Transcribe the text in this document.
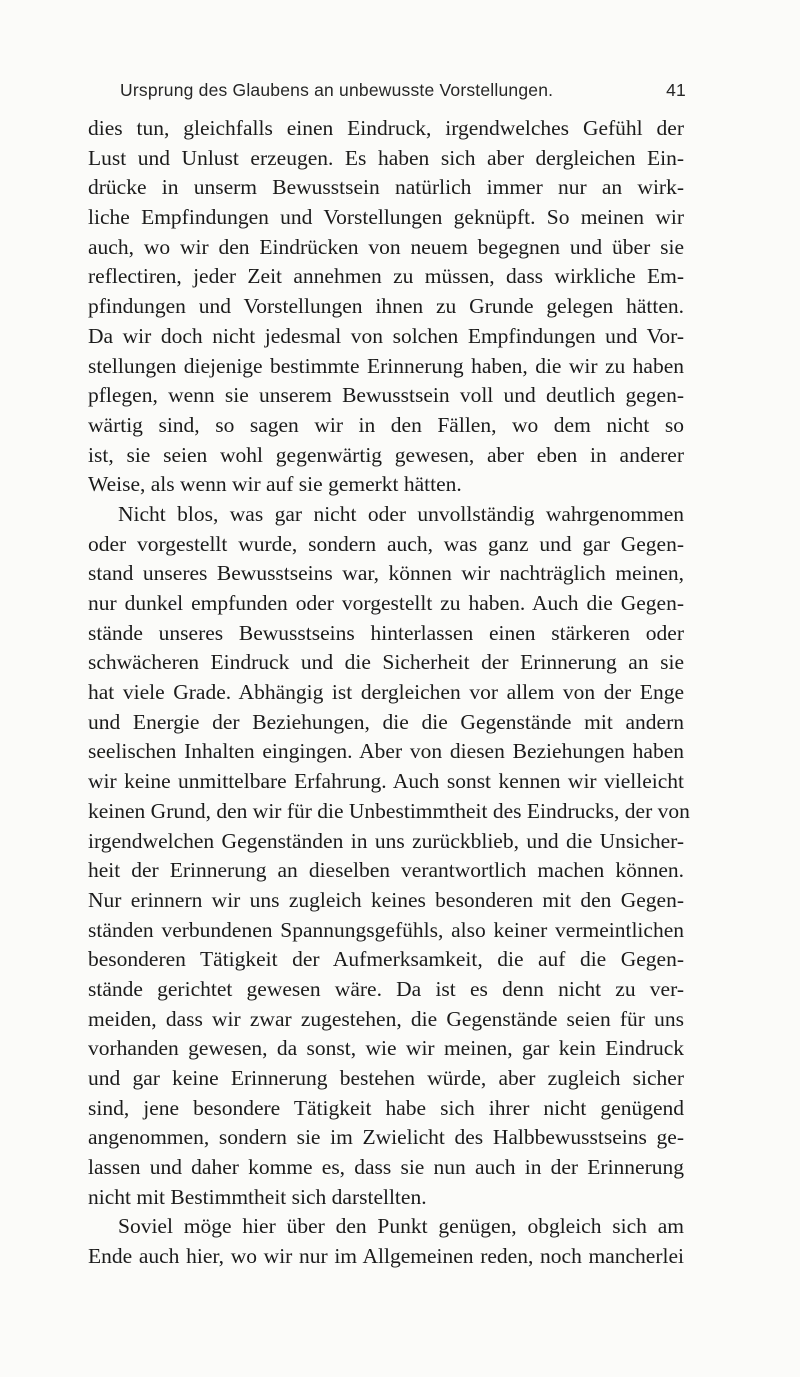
Ursprung des Glaubens an unbewusste Vorstellungen.	41
dies tun, gleichfalls einen Eindruck, irgendwelches Gefühl der
Lust und Unlust erzeugen. Es haben sich aber dergleichen Ein-
drücke in unserm Bewusstsein natürlich immer nur an wirk-
liche Empfindungen und Vorstellungen geknüpft. So meinen wir
auch, wo wir den Eindrücken von neuem begegnen und über sie
reflectiren, jeder Zeit annehmen zu müssen, dass wirkliche Em-
pfindungen und Vorstellungen ihnen zu Grunde gelegen hätten.
Da wir doch nicht jedesmal von solchen Empfindungen und Vor-
stellungen diejenige bestimmte Erinnerung haben, die wir zu haben
pflegen, wenn sie unserem Bewusstsein voll und deutlich gegen-
wärtig sind, so sagen wir in den Fällen, wo dem nicht so
ist, sie seien wohl gegenwärtig gewesen, aber eben in anderer
Weise, als wenn wir auf sie gemerkt hätten.
Nicht blos, was gar nicht oder unvollständig wahrgenommen
oder vorgestellt wurde, sondern auch, was ganz und gar Gegen-
stand unseres Bewusstseins war, können wir nachträglich meinen,
nur dunkel empfunden oder vorgestellt zu haben. Auch die Gegen-
stände unseres Bewusstseins hinterlassen einen stärkeren oder
schwächeren Eindruck und die Sicherheit der Erinnerung an sie
hat viele Grade. Abhängig ist dergleichen vor allem von der Enge
und Energie der Beziehungen, die die Gegenstände mit andern
seelischen Inhalten eingingen. Aber von diesen Beziehungen haben
wir keine unmittelbare Erfahrung. Auch sonst kennen wir vielleicht
keinen Grund, den wir für die Unbestimmtheit des Eindrucks, der von
irgendwelchen Gegenständen in uns zurückblieb, und die Unsicher-
heit der Erinnerung an dieselben verantwortlich machen können.
Nur erinnern wir uns zugleich keines besonderen mit den Gegen-
ständen verbundenen Spannungsgefühls, also keiner vermeintlichen
besonderen Tätigkeit der Aufmerksamkeit, die auf die Gegen-
stände gerichtet gewesen wäre. Da ist es denn nicht zu ver-
meiden, dass wir zwar zugestehen, die Gegenstände seien für uns
vorhanden gewesen, da sonst, wie wir meinen, gar kein Eindruck
und gar keine Erinnerung bestehen würde, aber zugleich sicher
sind, jene besondere Tätigkeit habe sich ihrer nicht genügend
angenommen, sondern sie im Zwielicht des Halbbewusstseins ge-
lassen und daher komme es, dass sie nun auch in der Erinnerung
nicht mit Bestimmtheit sich darstellten.
Soviel möge hier über den Punkt genügen, obgleich sich am
Ende auch hier, wo wir nur im Allgemeinen reden, noch mancherlei
